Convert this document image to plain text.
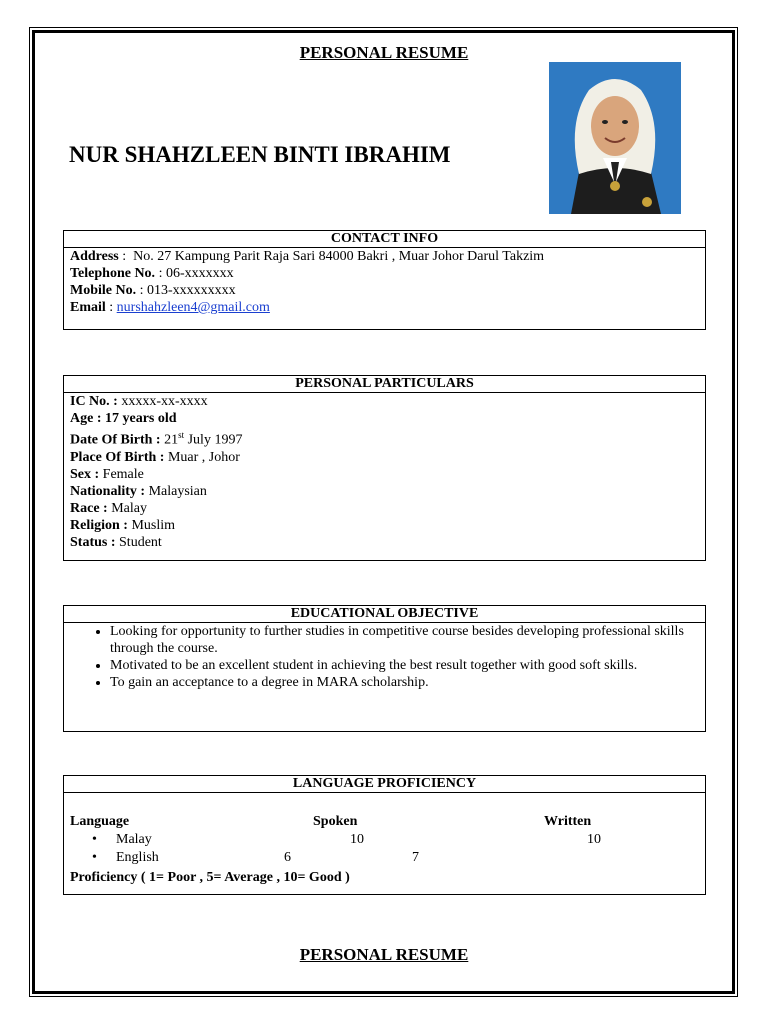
PERSONAL RESUME
NUR SHAHZLEEN BINTI IBRAHIM
CONTACT INFO
Address :  No. 27 Kampung Parit Raja Sari 84000 Bakri , Muar Johor Darul Takzim
Telephone No. : 06-xxxxxxx
Mobile No. : 013-xxxxxxxxx
Email : nurshahzleen4@gmail.com
PERSONAL PARTICULARS
IC No. : xxxxx-xx-xxxx
Age : 17 years old
Date Of Birth : 21st July 1997
Place Of Birth : Muar , Johor
Sex : Female
Nationality : Malaysian
Race : Malay
Religion : Muslim
Status : Student
EDUCATIONAL OBJECTIVE
• Looking for opportunity to further studies in competitive course besides developing professional skills through the course.
• Motivated to be an excellent student in achieving the best result together with good soft skills.
• To gain an acceptance to a degree in MARA scholarship.
LANGUAGE PROFICIENCY
Language	Spoken	Written
• Malay	10	10
• English	6	7
Proficiency ( 1= Poor , 5= Average , 10= Good )
PERSONAL RESUME
